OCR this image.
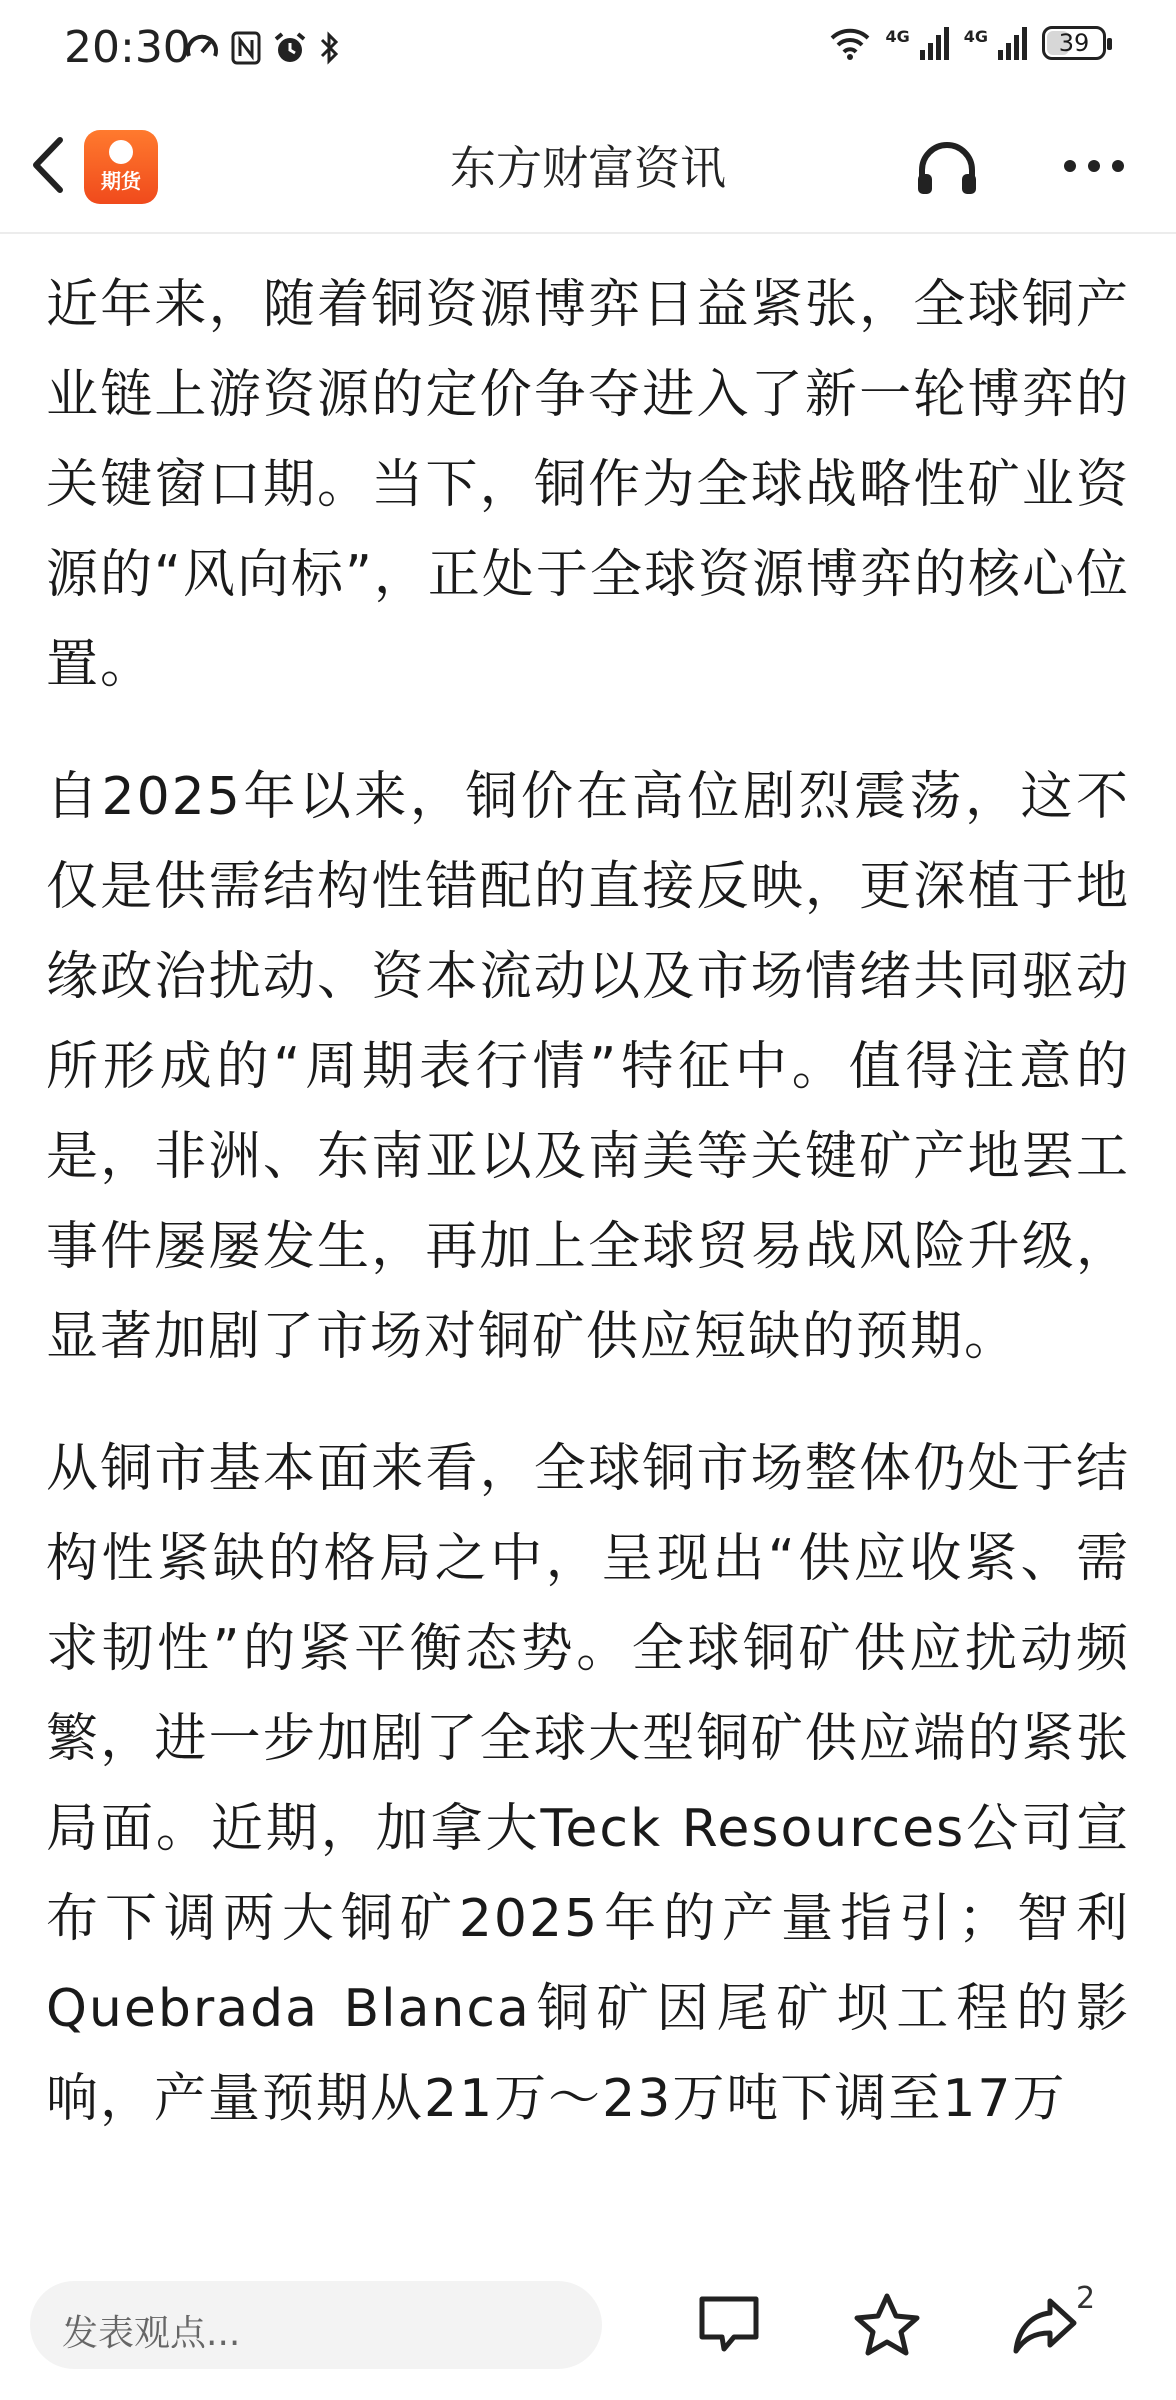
20:30	4G	4G	39
期货	东方财富资讯

近年来，随着铜资源博弈日益紧张，全球铜产业链上游资源的定价争夺进入了新一轮博弈的关键窗口期。当下，铜作为全球战略性矿业资源的“风向标”，正处于全球资源博弈的核心位置。

自2025年以来，铜价在高位剧烈震荡，这不仅是供需结构性错配的直接反映，更深植于地缘政治扰动、资本流动以及市场情绪共同驱动所形成的“周期表行情”特征中。值得注意的是，非洲、东南亚以及南美等关键矿产地罢工事件屡屡发生，再加上全球贸易战风险升级，显著加剧了市场对铜矿供应短缺的预期。

从铜市基本面来看，全球铜市场整体仍处于结构性紧缺的格局之中，呈现出“供应收紧、需求韧性”的紧平衡态势。全球铜矿供应扰动频繁，进一步加剧了全球大型铜矿供应端的紧张局面。近期，加拿大Teck Resources公司宣布下调两大铜矿2025年的产量指引；智利Quebrada Blanca铜矿因尾矿坝工程的影响，产量预期从21万～23万吨下调至17万

发表观点...
2
